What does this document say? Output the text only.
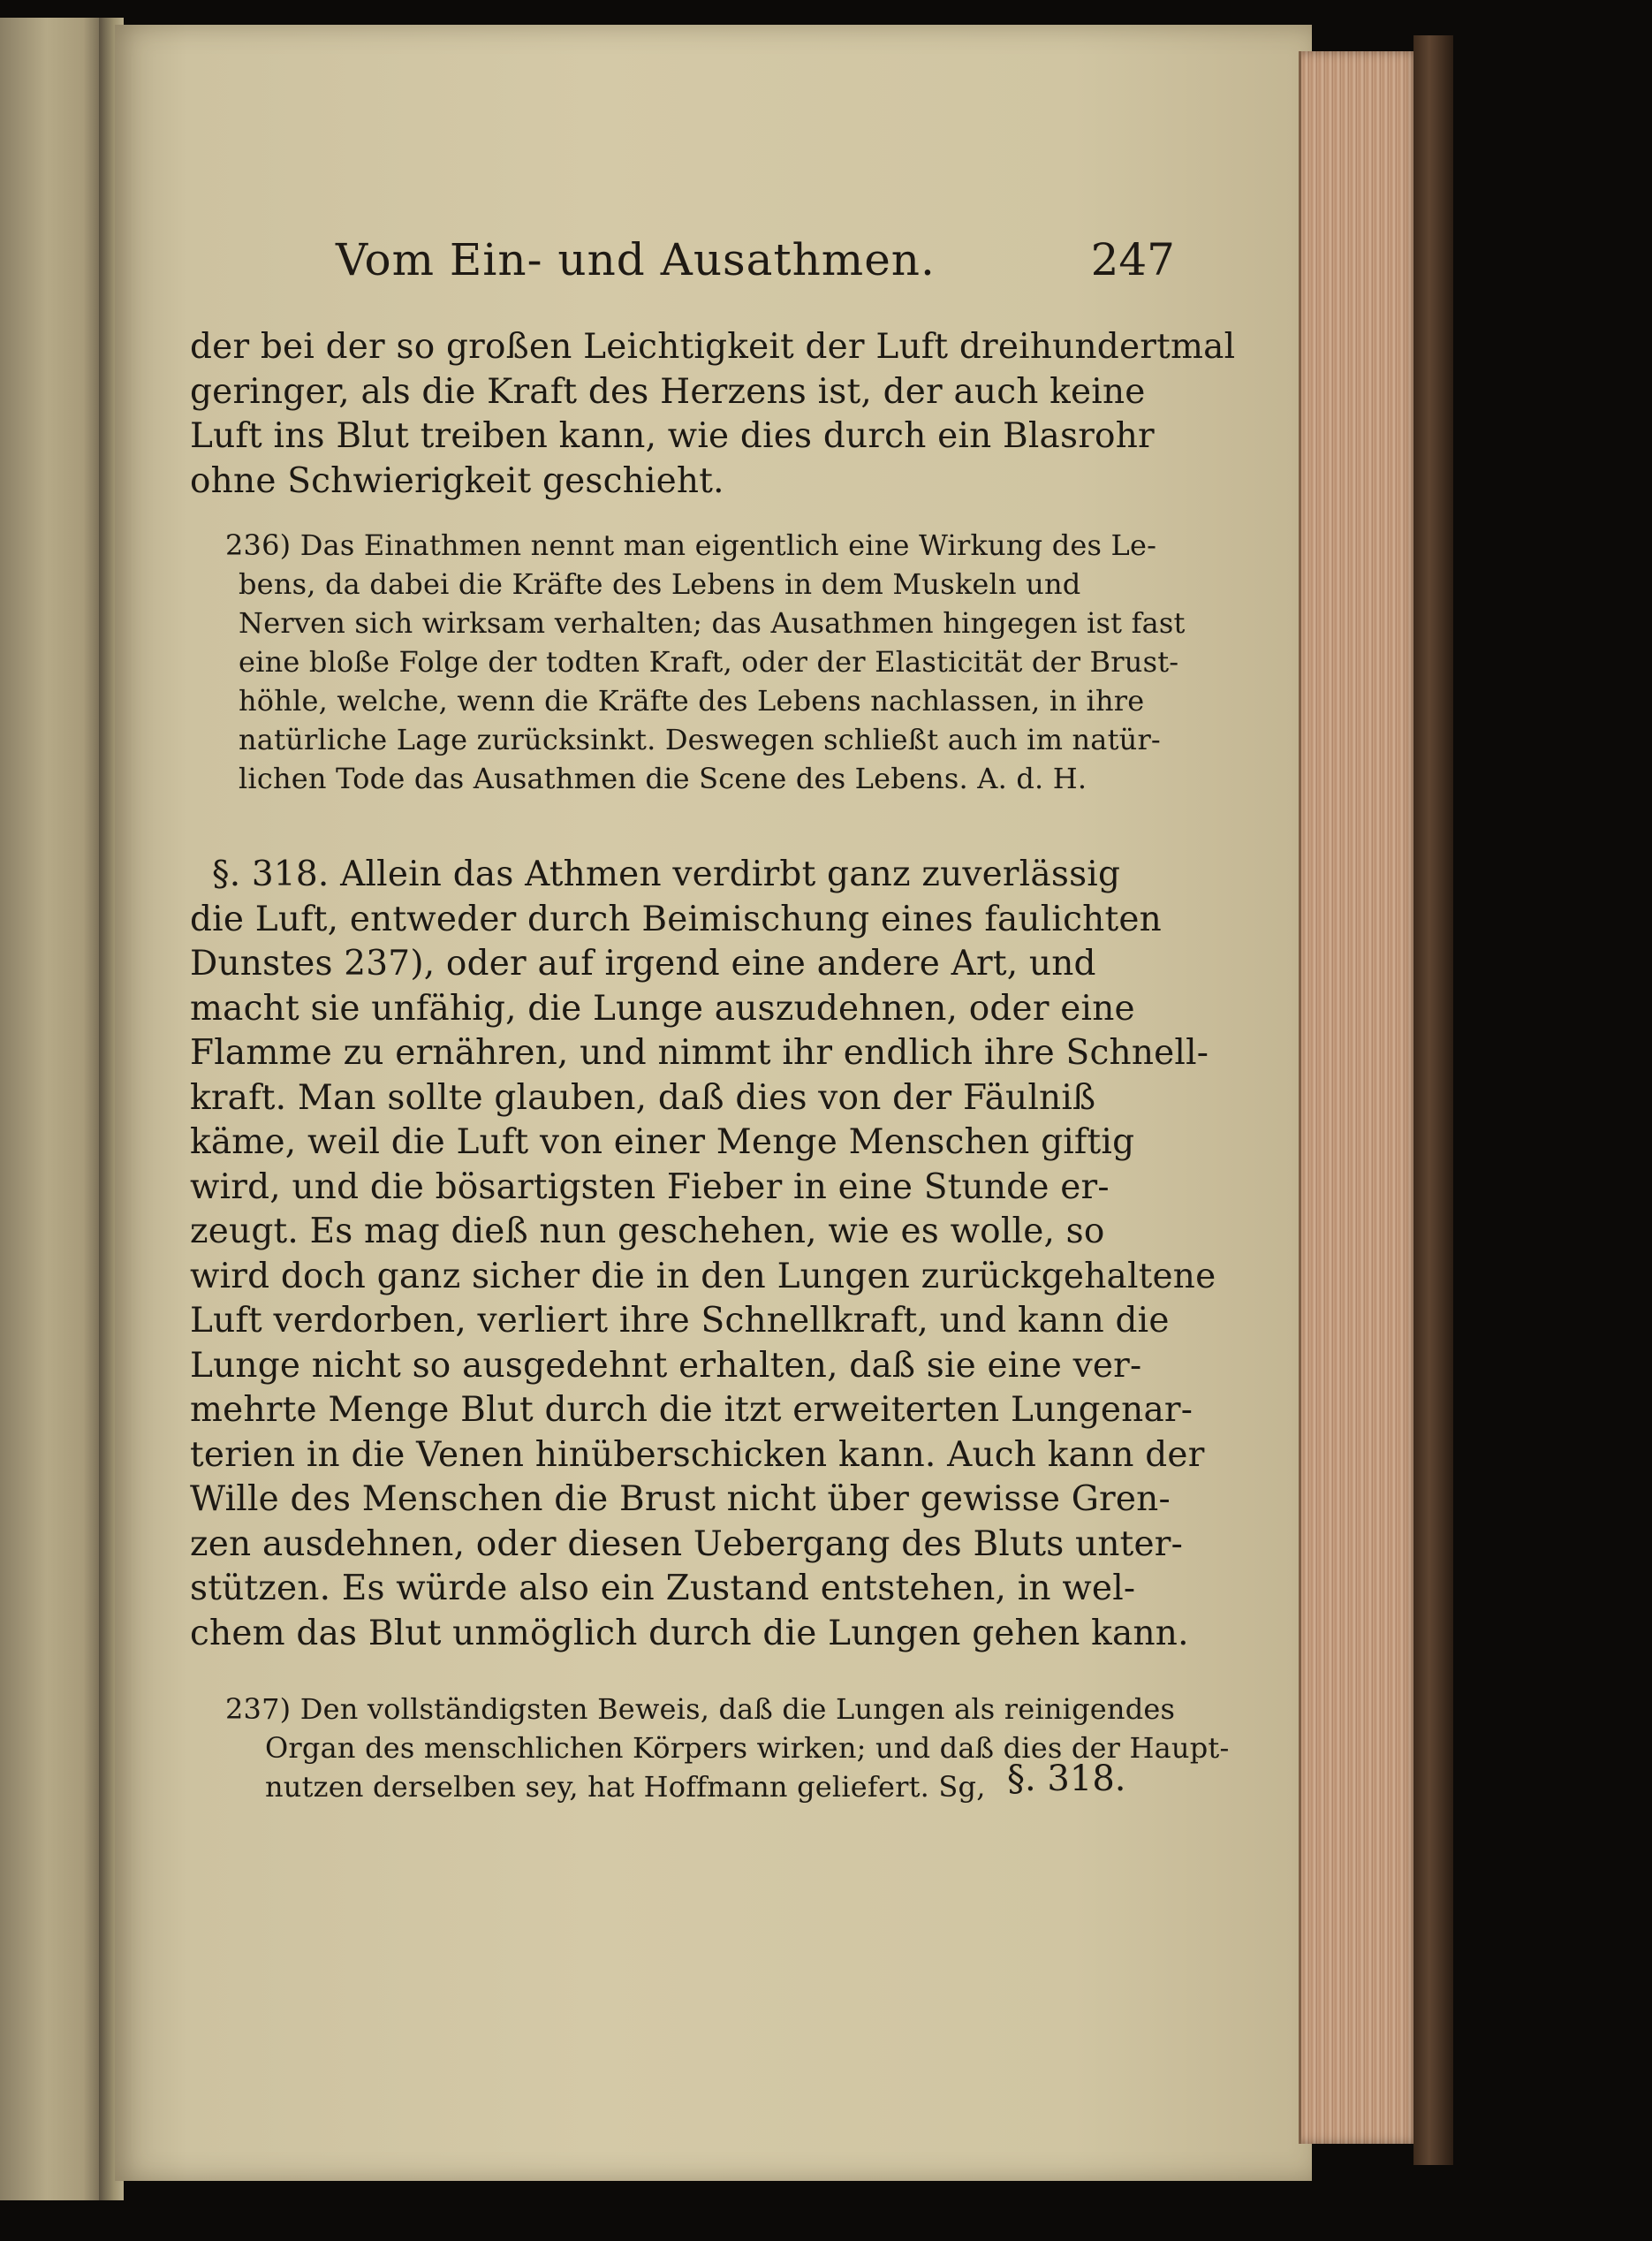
Vom Ein- und Ausathmen.	247
der bei der so großen Leichtigkeit der Luft dreihundertmal
geringer, als die Kraft des Herzens ist, der auch keine
Luft ins Blut treiben kann, wie dies durch ein Blasrohr
ohne Schwierigkeit geschieht.
236) Das Einathmen nennt man eigentlich eine Wirkung des Le-
bens, da dabei die Kräfte des Lebens in dem Muskeln und
Nerven sich wirksam verhalten; das Ausathmen hingegen ist fast
eine bloße Folge der todten Kraft, oder der Elasticität der Brust-
höhle, welche, wenn die Kräfte des Lebens nachlassen, in ihre
natürliche Lage zurücksinkt. Deswegen schließt auch im natür-
lichen Tode das Ausathmen die Scene des Lebens. A. d. H.
§. 318. Allein das Athmen verdirbt ganz zuverlässig
die Luft, entweder durch Beimischung eines faulichten
Dunstes 237), oder auf irgend eine andere Art, und
macht sie unfähig, die Lunge auszudehnen, oder eine
Flamme zu ernähren, und nimmt ihr endlich ihre Schnell-
kraft. Man sollte glauben, daß dies von der Fäulniß
käme, weil die Luft von einer Menge Menschen giftig
wird, und die bösartigsten Fieber in eine Stunde er-
zeugt. Es mag dieß nun geschehen, wie es wolle, so
wird doch ganz sicher die in den Lungen zurückgehaltene
Luft verdorben, verliert ihre Schnellkraft, und kann die
Lunge nicht so ausgedehnt erhalten, daß sie eine ver-
mehrte Menge Blut durch die itzt erweiterten Lungenar-
terien in die Venen hinüberschicken kann. Auch kann der
Wille des Menschen die Brust nicht über gewisse Gren-
zen ausdehnen, oder diesen Uebergang des Bluts unter-
stützen. Es würde also ein Zustand entstehen, in wel-
chem das Blut unmöglich durch die Lungen gehen kann.
237) Den vollständigsten Beweis, daß die Lungen als reinigendes
Organ des menschlichen Körpers wirken; und daß dies der Haupt-
nutzen derselben sey, hat Hoffmann geliefert. Sg, §. 318.
